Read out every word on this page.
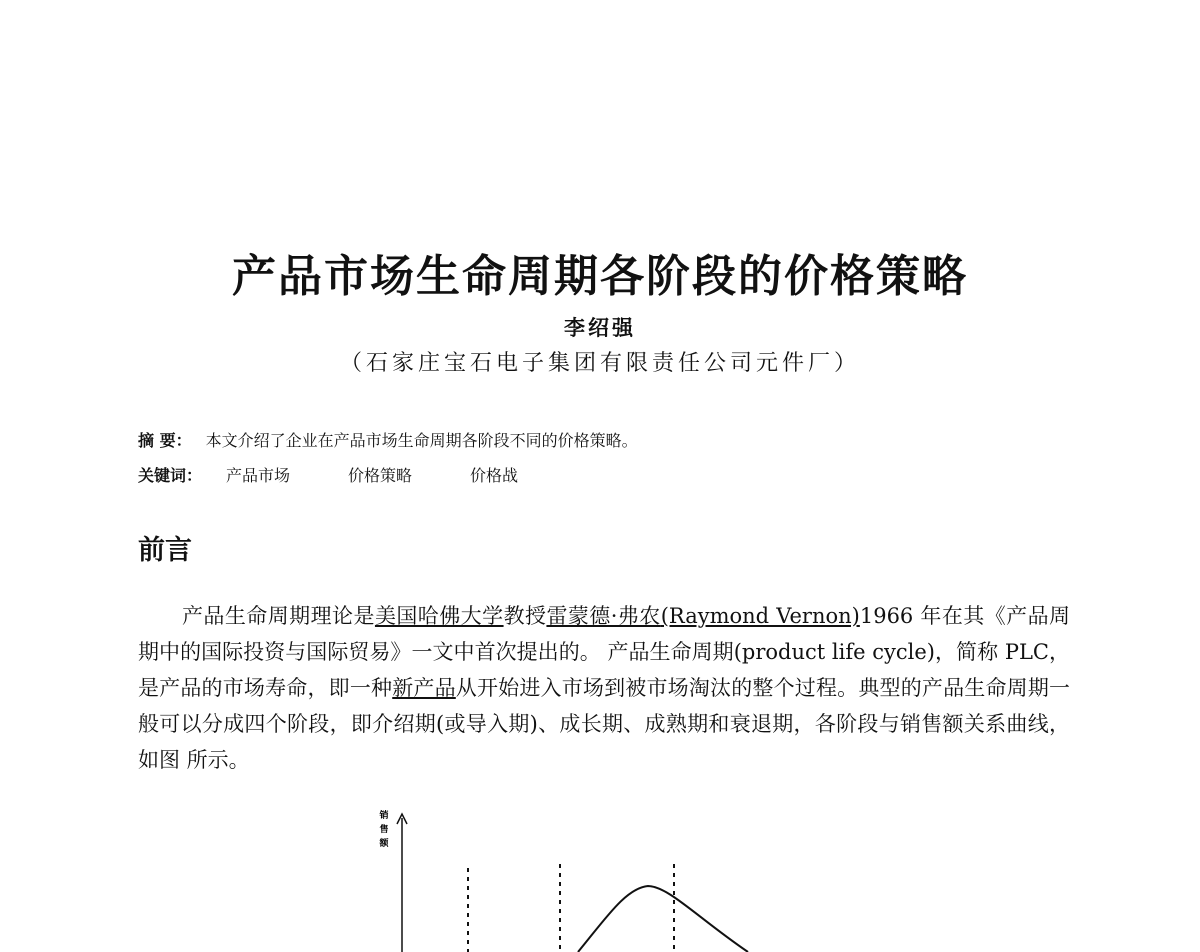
产品市场生命周期各阶段的价格策略
李绍强
（石家庄宝石电子集团有限责任公司元件厂）
摘 要： 本文介绍了企业在产品市场生命周期各阶段不同的价格策略。
关键词： 产品市场	价格策略	价格战
前言
产品生命周期理论是美国哈佛大学教授雷蒙德·弗农(Raymond Vernon)1966 年在其《产品周期中的国际投资与国际贸易》一文中首次提出的。 产品生命周期(product life cycle)，简称 PLC，是产品的市场寿命，即一种新产品从开始进入市场到被市场淘汰的整个过程。典型的产品生命周期一般可以分成四个阶段，即介绍期(或导入期)、成长期、成熟期和衰退期，各阶段与销售额关系曲线，如图 所示。
销
售
额
